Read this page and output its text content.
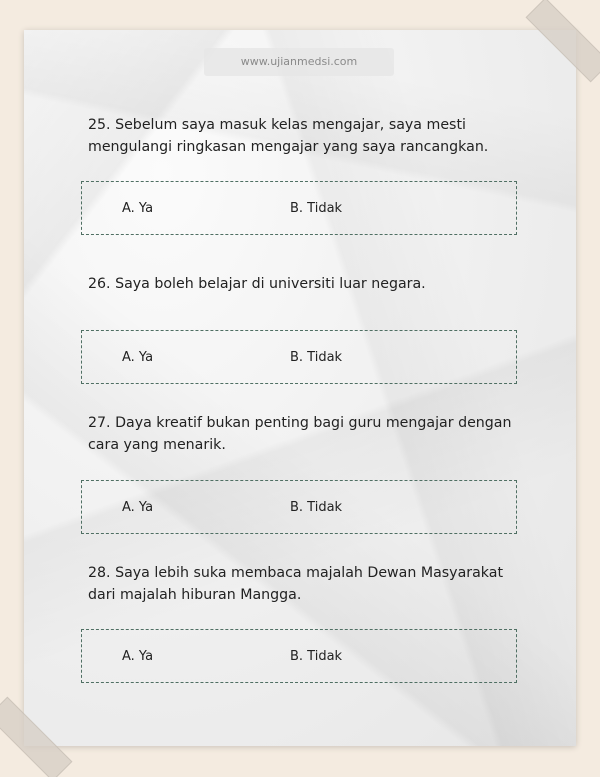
www.ujianmedsi.com
25. Sebelum saya masuk kelas mengajar, saya mesti mengulangi ringkasan mengajar yang saya rancangkan.
A. Ya	B. Tidak
26. Saya boleh belajar di universiti luar negara.
A. Ya	B. Tidak
27. Daya kreatif bukan penting bagi guru mengajar dengan cara yang menarik.
A. Ya	B. Tidak
28. Saya lebih suka membaca majalah Dewan Masyarakat dari majalah hiburan Mangga.
A. Ya	B. Tidak
